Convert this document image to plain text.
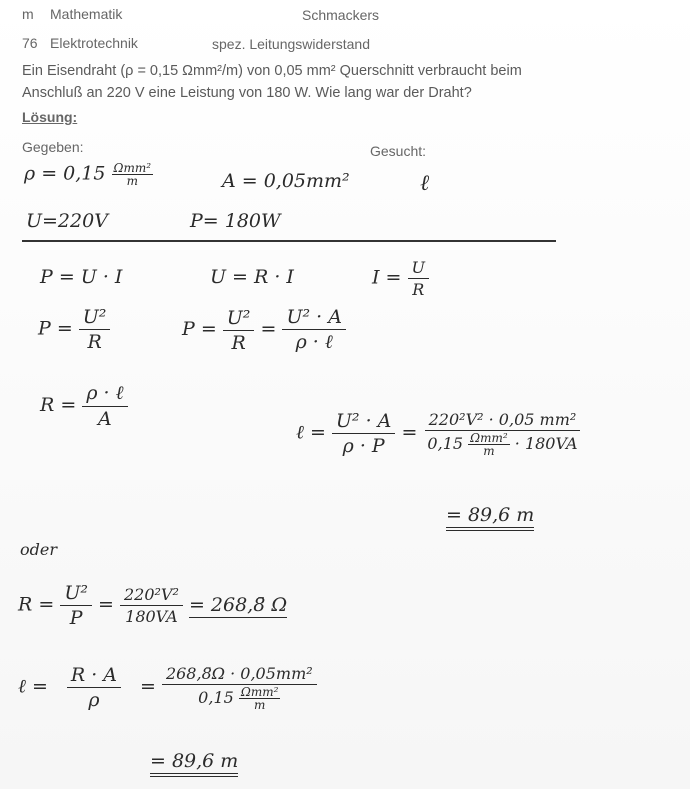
m Mathematik	Schmackers
76 Elektrotechnik	spez. Leitungswiderstand
Ein Eisendraht (ρ = 0,15 Ωmm²/m) von 0,05 mm² Querschnitt verbraucht beim
Anschluß an 220 V eine Leistung von 180 W. Wie lang war der Draht?
Lösung:
Gegeben:	Gesucht:
ρ = 0,15 Ωmm²
m	A = 0,05mm²	ℓ
U=220V	P= 180W
P = U · I	U = R · I	$I = \frac{U}{R}$
$P = \frac{\text{U²}}{R}$	$P = \frac{\text{U²}}{R} = \frac{\text{U² · A}}{\text{ρ · ℓ}}$
$R = \frac{\text{ρ · ℓ}}{A}$
ℓ = $\frac{\text{U² · A}}{\rho \cdot P}$ =
220²V² · 0,05 mm²
0,15 Ωmm²
m · 180VA
= 89,6 m
oder
$R = \frac{\text{U²}}{P} = \frac{\text{220²V²}}{180VA}$ = 268,8̄ Ω
ℓ = $\frac{R \cdot A}{\rho}$ = 268,8̄Ω · 0,05mm²
0,15 Ωmm²
m
= 89,6 m
